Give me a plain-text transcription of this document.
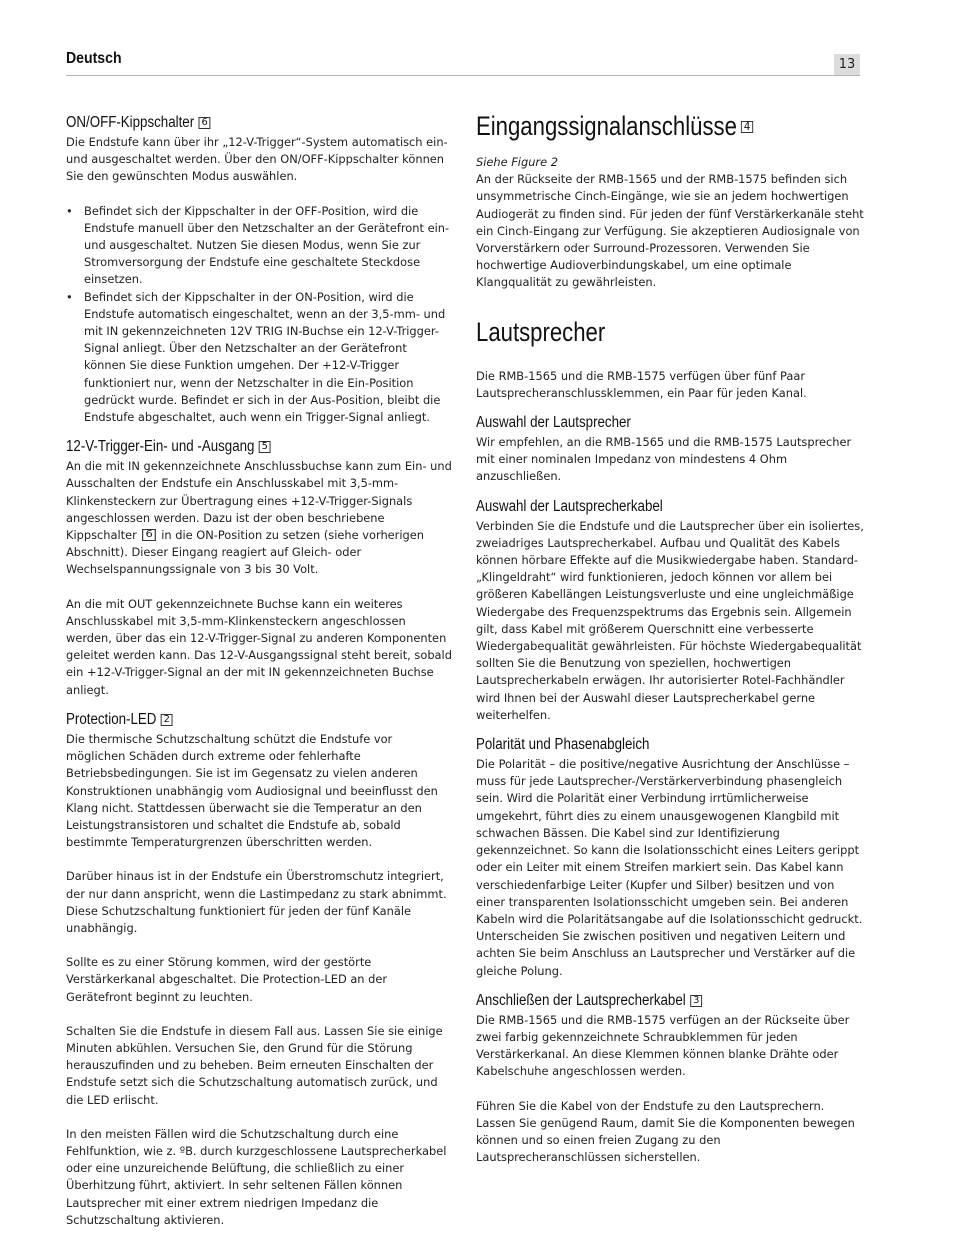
Deutsch	13
ON/OFF-Kippschalter 6

Die Endstufe kann über ihr „12-V-Trigger“-System automatisch ein- und ausgeschaltet werden. Über den ON/OFF-Kippschalter können Sie den gewünschten Modus auswählen.

• Befindet sich der Kippschalter in der OFF-Position, wird die Endstufe manuell über den Netzschalter an der Gerätefront ein- und ausgeschaltet. Nutzen Sie diesen Modus, wenn Sie zur Stromversorgung der Endstufe eine geschaltete Steckdose einsetzen.
• Befindet sich der Kippschalter in der ON-Position, wird die Endstufe automatisch eingeschaltet, wenn an der 3,5-mm- und mit IN gekennzeichneten 12V TRIG IN-Buchse ein 12-V-Trigger-Signal anliegt. Über den Netzschalter an der Gerätefront können Sie diese Funktion umgehen. Der +12-V-Trigger funktioniert nur, wenn der Netzschalter in die Ein-Position gedrückt wurde. Befindet er sich in der Aus-Position, bleibt die Endstufe abgeschaltet, auch wenn ein Trigger-Signal anliegt.
12-V-Trigger-Ein- und -Ausgang 5

An die mit IN gekennzeichnete Anschlussbuchse kann zum Ein- und Ausschalten der Endstufe ein Anschlusskabel mit 3,5-mm-Klinkensteckern zur Übertragung eines +12-V-Trigger-Signals angeschlossen werden. Dazu ist der oben beschriebene Kippschalter 6 in die ON-Position zu setzen (siehe vorherigen Abschnitt). Dieser Eingang reagiert auf Gleich- oder Wechselspannungssignale von 3 bis 30 Volt.

An die mit OUT gekennzeichnete Buchse kann ein weiteres Anschlusskabel mit 3,5-mm-Klinkensteckern angeschlossen werden, über das ein 12-V-Trigger-Signal zu anderen Komponenten geleitet werden kann. Das 12-V-Ausgangssignal steht bereit, sobald ein +12-V-Trigger-Signal an der mit IN gekennzeichneten Buchse anliegt.

Protection-LED 2

Die thermische Schutzschaltung schützt die Endstufe vor möglichen Schäden durch extreme oder fehlerhafte Betriebsbedingungen. Sie ist im Gegensatz zu vielen anderen Konstruktionen unabhängig vom Audiosignal und beeinflusst den Klang nicht. Stattdessen überwacht sie die Temperatur an den Leistungstransistoren und schaltet die Endstufe ab, sobald bestimmte Temperaturgrenzen überschritten werden.

Darüber hinaus ist in der Endstufe ein Überstromschutz integriert, der nur dann anspricht, wenn die Lastimpedanz zu stark abnimmt. Diese Schutzschaltung funktioniert für jeden der fünf Kanäle unabhängig.

Sollte es zu einer Störung kommen, wird der gestörte Verstärkerkanal abgeschaltet. Die Protection-LED an der Gerätefront beginnt zu leuchten.

Schalten Sie die Endstufe in diesem Fall aus. Lassen Sie sie einige Minuten abkühlen. Versuchen Sie, den Grund für die Störung herauszufinden und zu beheben. Beim erneuten Einschalten der Endstufe setzt sich die Schutzschaltung automatisch zurück, und die LED erlischt.

In den meisten Fällen wird die Schutzschaltung durch eine Fehlfunktion, wie z. ºB. durch kurzgeschlossene Lautsprecherkabel oder eine unzureichende Belüftung, die schließlich zu einer Überhitzung führt, aktiviert. In sehr seltenen Fällen können Lautsprecher mit einer extrem niedrigen Impedanz die Schutzschaltung aktivieren.

Eingangssignalanschlüsse 4

Siehe Figure 2

An der Rückseite der RMB-1565 und der RMB-1575 befinden sich unsymmetrische Cinch-Eingänge, wie sie an jedem hochwertigen Audiogerät zu finden sind. Für jeden der fünf Verstärkerkanäle steht ein Cinch-Eingang zur Verfügung. Sie akzeptieren Audiosignale von Vorverstärkern oder Surround-Prozessoren. Verwenden Sie hochwertige Audioverbindungskabel, um eine optimale Klangqualität zu gewährleisten.

Lautsprecher

Die RMB-1565 und die RMB-1575 verfügen über fünf Paar Lautsprecheranschlussklemmen, ein Paar für jeden Kanal.

Auswahl der Lautsprecher

Wir empfehlen, an die RMB-1565 und die RMB-1575 Lautsprecher mit einer nominalen Impedanz von mindestens 4 Ohm anzuschließen.

Auswahl der Lautsprecherkabel

Verbinden Sie die Endstufe und die Lautsprecher über ein isoliertes, zweiadriges Lautsprecherkabel. Aufbau und Qualität des Kabels können hörbare Effekte auf die Musikwiedergabe haben. Standard-„Klingeldraht“ wird funktionieren, jedoch können vor allem bei größeren Kabellängen Leistungsverluste und eine ungleichmäßige Wiedergabe des Frequenzspektrums das Ergebnis sein. Allgemein gilt, dass Kabel mit größerem Querschnitt eine verbesserte Wiedergabequalität gewährleisten. Für höchste Wiedergabequalität sollten Sie die Benutzung von speziellen, hochwertigen Lautsprecherkabeln erwägen. Ihr autorisierter Rotel-Fachhändler wird Ihnen bei der Auswahl dieser Lautsprecherkabel gerne weiterhelfen.

Polarität und Phasenabgleich

Die Polarität – die positive/negative Ausrichtung der Anschlüsse – muss für jede Lautsprecher-/Verstärkerverbindung phasengleich sein. Wird die Polarität einer Verbindung irrtümlicherweise umgekehrt, führt dies zu einem unausgewogenen Klangbild mit schwachen Bässen. Die Kabel sind zur Identifizierung gekennzeichnet. So kann die Isolationsschicht eines Leiters gerippt oder ein Leiter mit einem Streifen markiert sein. Das Kabel kann verschiedenfarbige Leiter (Kupfer und Silber) besitzen und von einer transparenten Isolationsschicht umgeben sein. Bei anderen Kabeln wird die Polaritätsangabe auf die Isolationsschicht gedruckt. Unterscheiden Sie zwischen positiven und negativen Leitern und achten Sie beim Anschluss an Lautsprecher und Verstärker auf die gleiche Polung.

Anschließen der Lautsprecherkabel 3

Die RMB-1565 und die RMB-1575 verfügen an der Rückseite über zwei farbig gekennzeichnete Schraubklemmen für jeden Verstärkerkanal. An diese Klemmen können blanke Drähte oder Kabelschuhe angeschlossen werden.

Führen Sie die Kabel von der Endstufe zu den Lautsprechern. Lassen Sie genügend Raum, damit Sie die Komponenten bewegen können und so einen freien Zugang zu den Lautsprecheranschlüssen sicherstellen.
